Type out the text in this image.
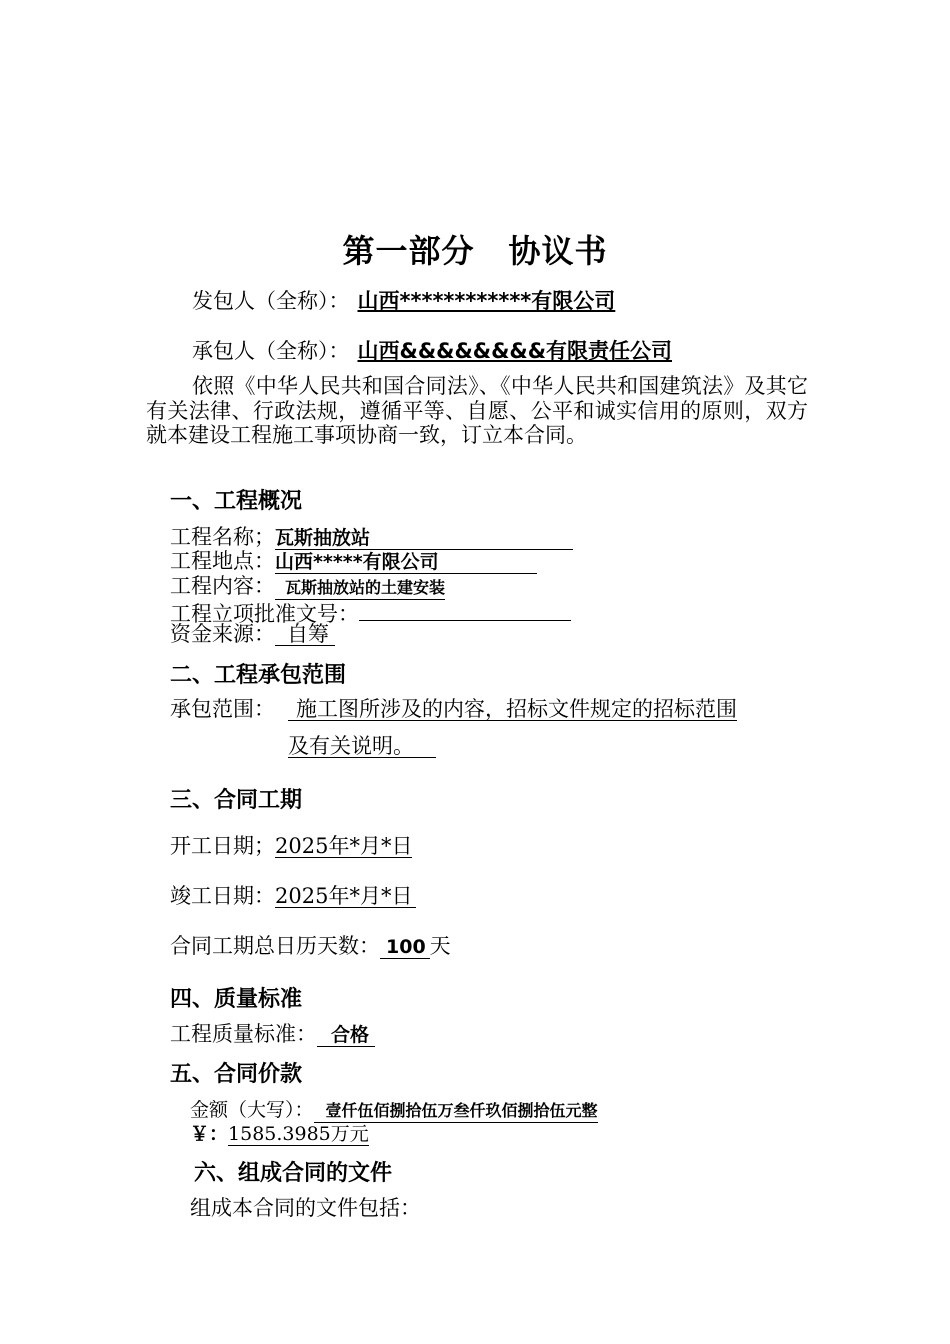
第一部分 协议书
发包人（全称）： 山西************有限公司
承包人（全称）： 山西&&&&&&&&有限责任公司

依照《中华人民共和国合同法》、《中华人民共和国建筑法》及其它有关法律、行政法规，遵循平等、自愿、公平和诚实信用的原则，双方就本建设工程施工事项协商一致，订立本合同。

一、工程概况
工程名称；瓦斯抽放站
工程地点：山西*****有限公司
工程内容： 瓦斯抽放站的土建安装
工程立项批准文号：
资金来源： 自筹
二、工程承包范围
承包范围：	施工图所涉及的内容，招标文件规定的招标范围
及有关说明。
三、合同工期
开工日期；2025年*月*日
竣工日期：2025年*月*日
合同工期总日历天数： 100 天
四、质量标准
工程质量标准： 合格
五、合同价款
金额（大写）： 壹仟伍佰捌拾伍万叁仟玖佰捌拾伍元整
￥：1585.3985万元
六、组成合同的文件
组成本合同的文件包括：
